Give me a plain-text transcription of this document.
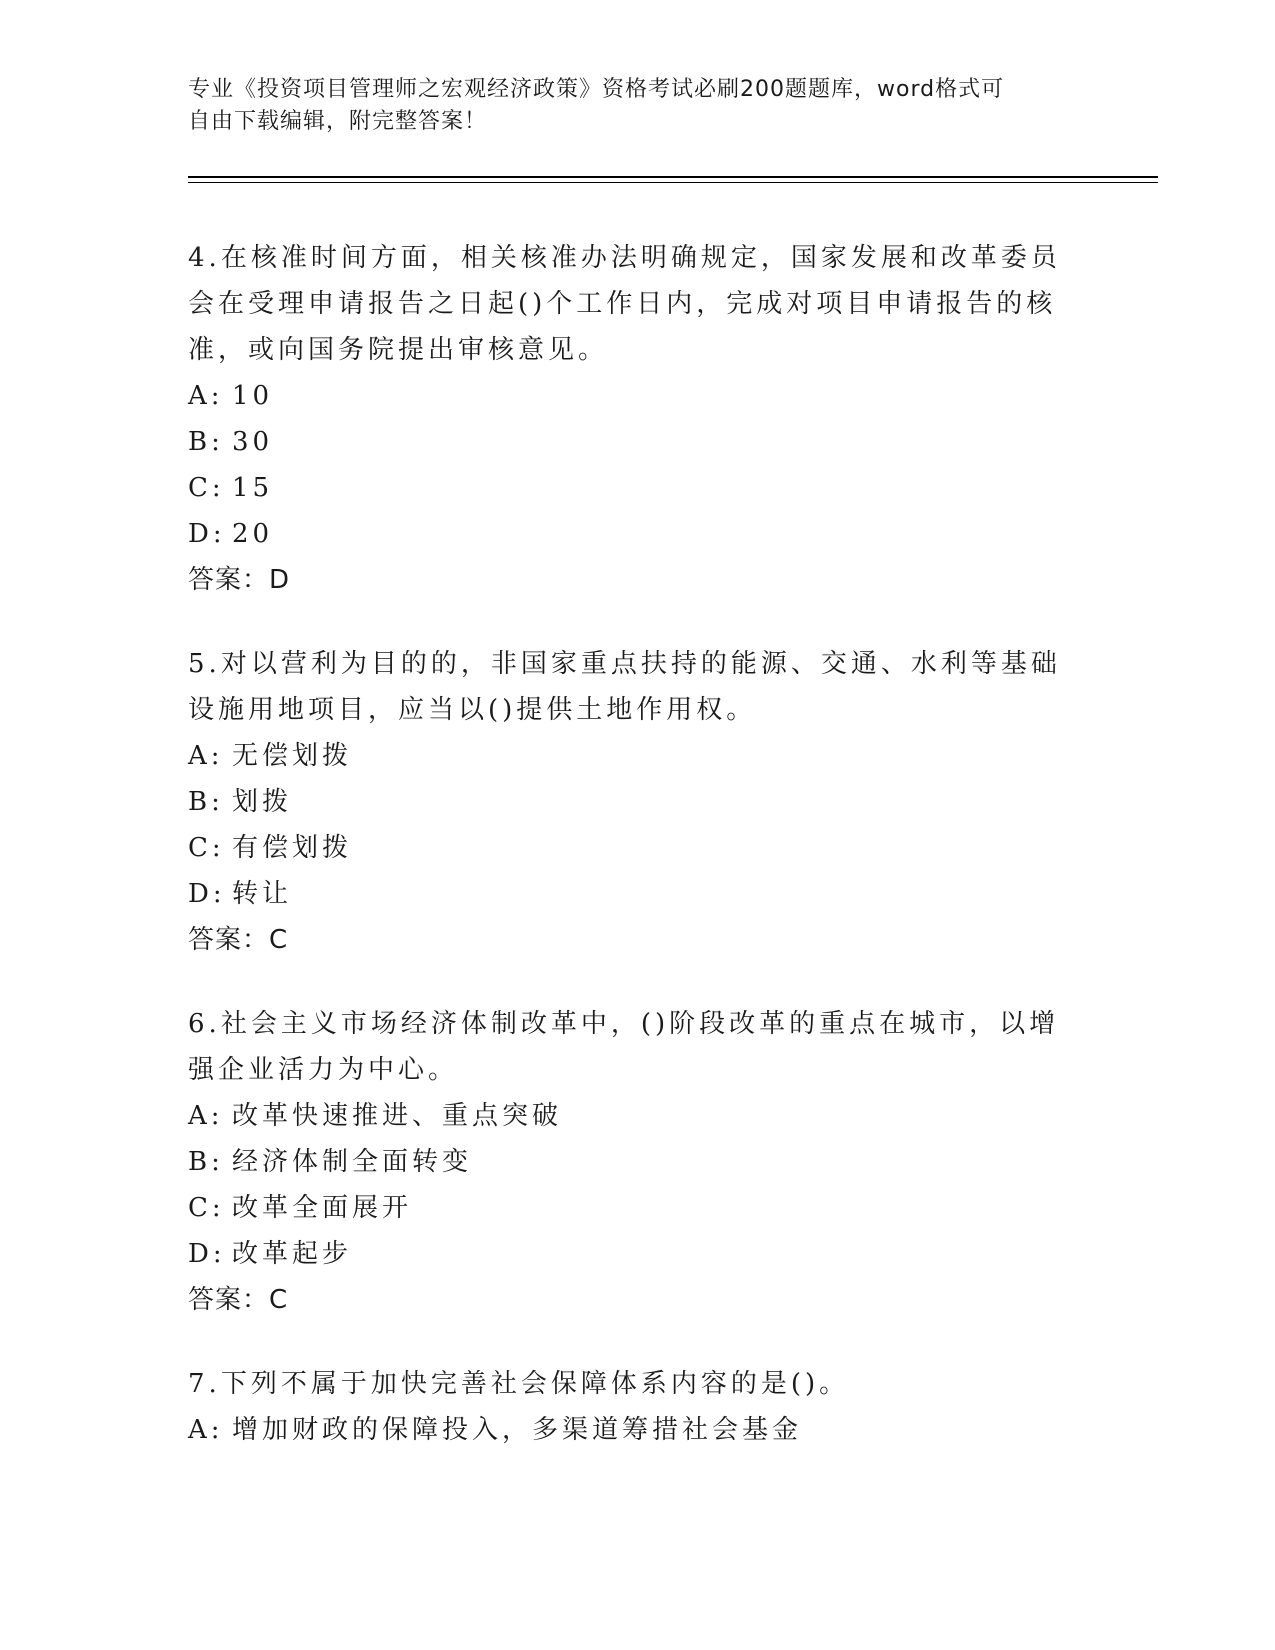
专业《投资项目管理师之宏观经济政策》资格考试必刷200题题库，word格式可
自由下载编辑，附完整答案！
4.在核准时间方面，相关核准办法明确规定，国家发展和改革委员会在受理申请报告之日起()个工作日内，完成对项目申请报告的核准，或向国务院提出审核意见。
A: 10
B: 30
C: 15
D: 20
答案：D
5.对以营利为目的的，非国家重点扶持的能源、交通、水利等基础设施用地项目，应当以()提供土地作用权。
A: 无偿划拨
B: 划拨
C: 有偿划拨
D: 转让
答案：C
6.社会主义市场经济体制改革中，()阶段改革的重点在城市，以增强企业活力为中心。
A: 改革快速推进、重点突破
B: 经济体制全面转变
C: 改革全面展开
D: 改革起步
答案：C
7.下列不属于加快完善社会保障体系内容的是()。
A: 增加财政的保障投入，多渠道筹措社会基金
